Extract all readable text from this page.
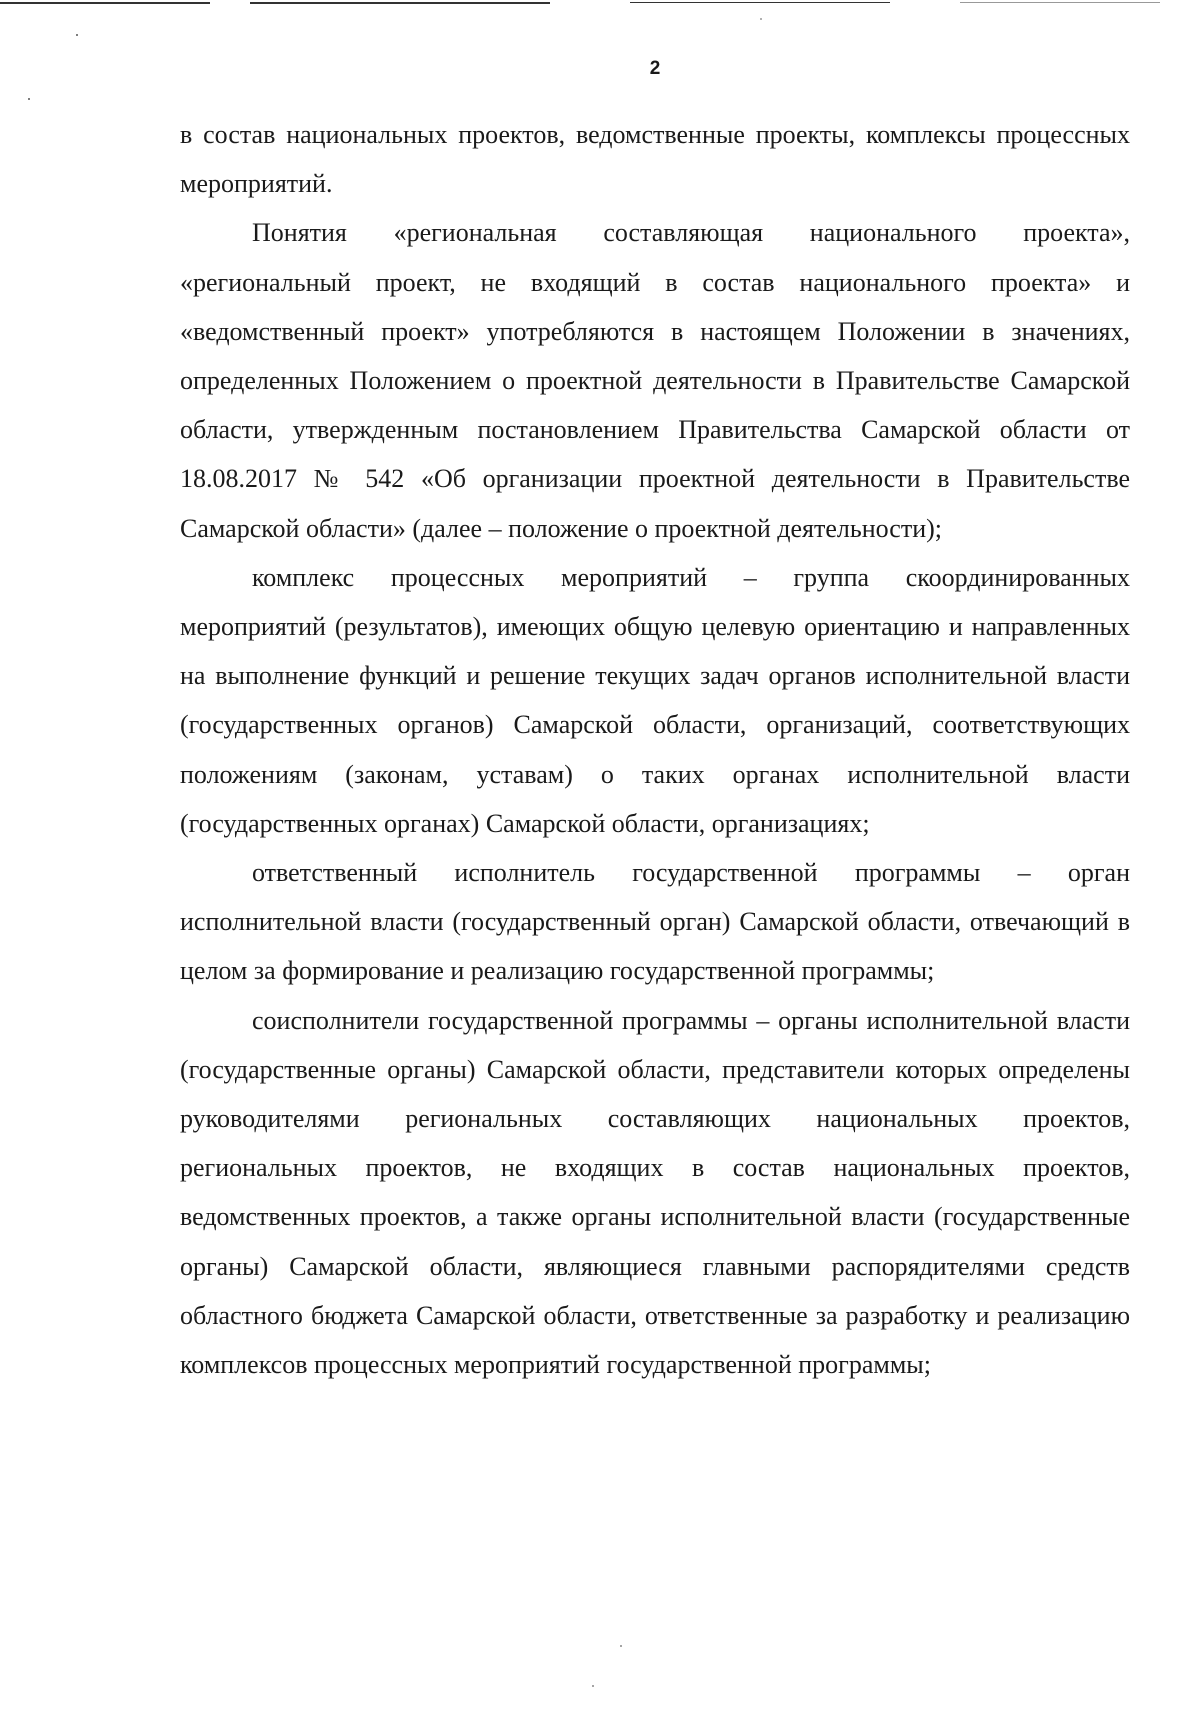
2

в состав национальных проектов, ведомственные проекты, комплексы процессных мероприятий.

Понятия «региональная составляющая национального проекта», «региональный проект, не входящий в состав национального проекта» и «ведомственный проект» употребляются в настоящем Положении в значениях, определенных Положением о проектной деятельности в Правительстве Самарской области, утвержденным постановлением Правительства Самарской области от 18.08.2017 № 542 «Об организации проектной деятельности в Правительстве Самарской области» (далее – положение о проектной деятельности);

комплекс процессных мероприятий – группа скоординированных мероприятий (результатов), имеющих общую целевую ориентацию и направленных на выполнение функций и решение текущих задач органов исполнительной власти (государственных органов) Самарской области, организаций, соответствующих положениям (законам, уставам) о таких органах исполнительной власти (государственных органах) Самарской области, организациях;

ответственный исполнитель государственной программы – орган исполнительной власти (государственный орган) Самарской области, отвечающий в целом за формирование и реализацию государственной программы;

соисполнители государственной программы – органы исполнительной власти (государственные органы) Самарской области, представители которых определены руководителями региональных составляющих национальных проектов, региональных проектов, не входящих в состав национальных проектов, ведомственных проектов, а также органы исполнительной власти (государственные органы) Самарской области, являющиеся главными распорядителями средств областного бюджета Самарской области, ответственные за разработку и реализацию комплексов процессных мероприятий государственной программы;
